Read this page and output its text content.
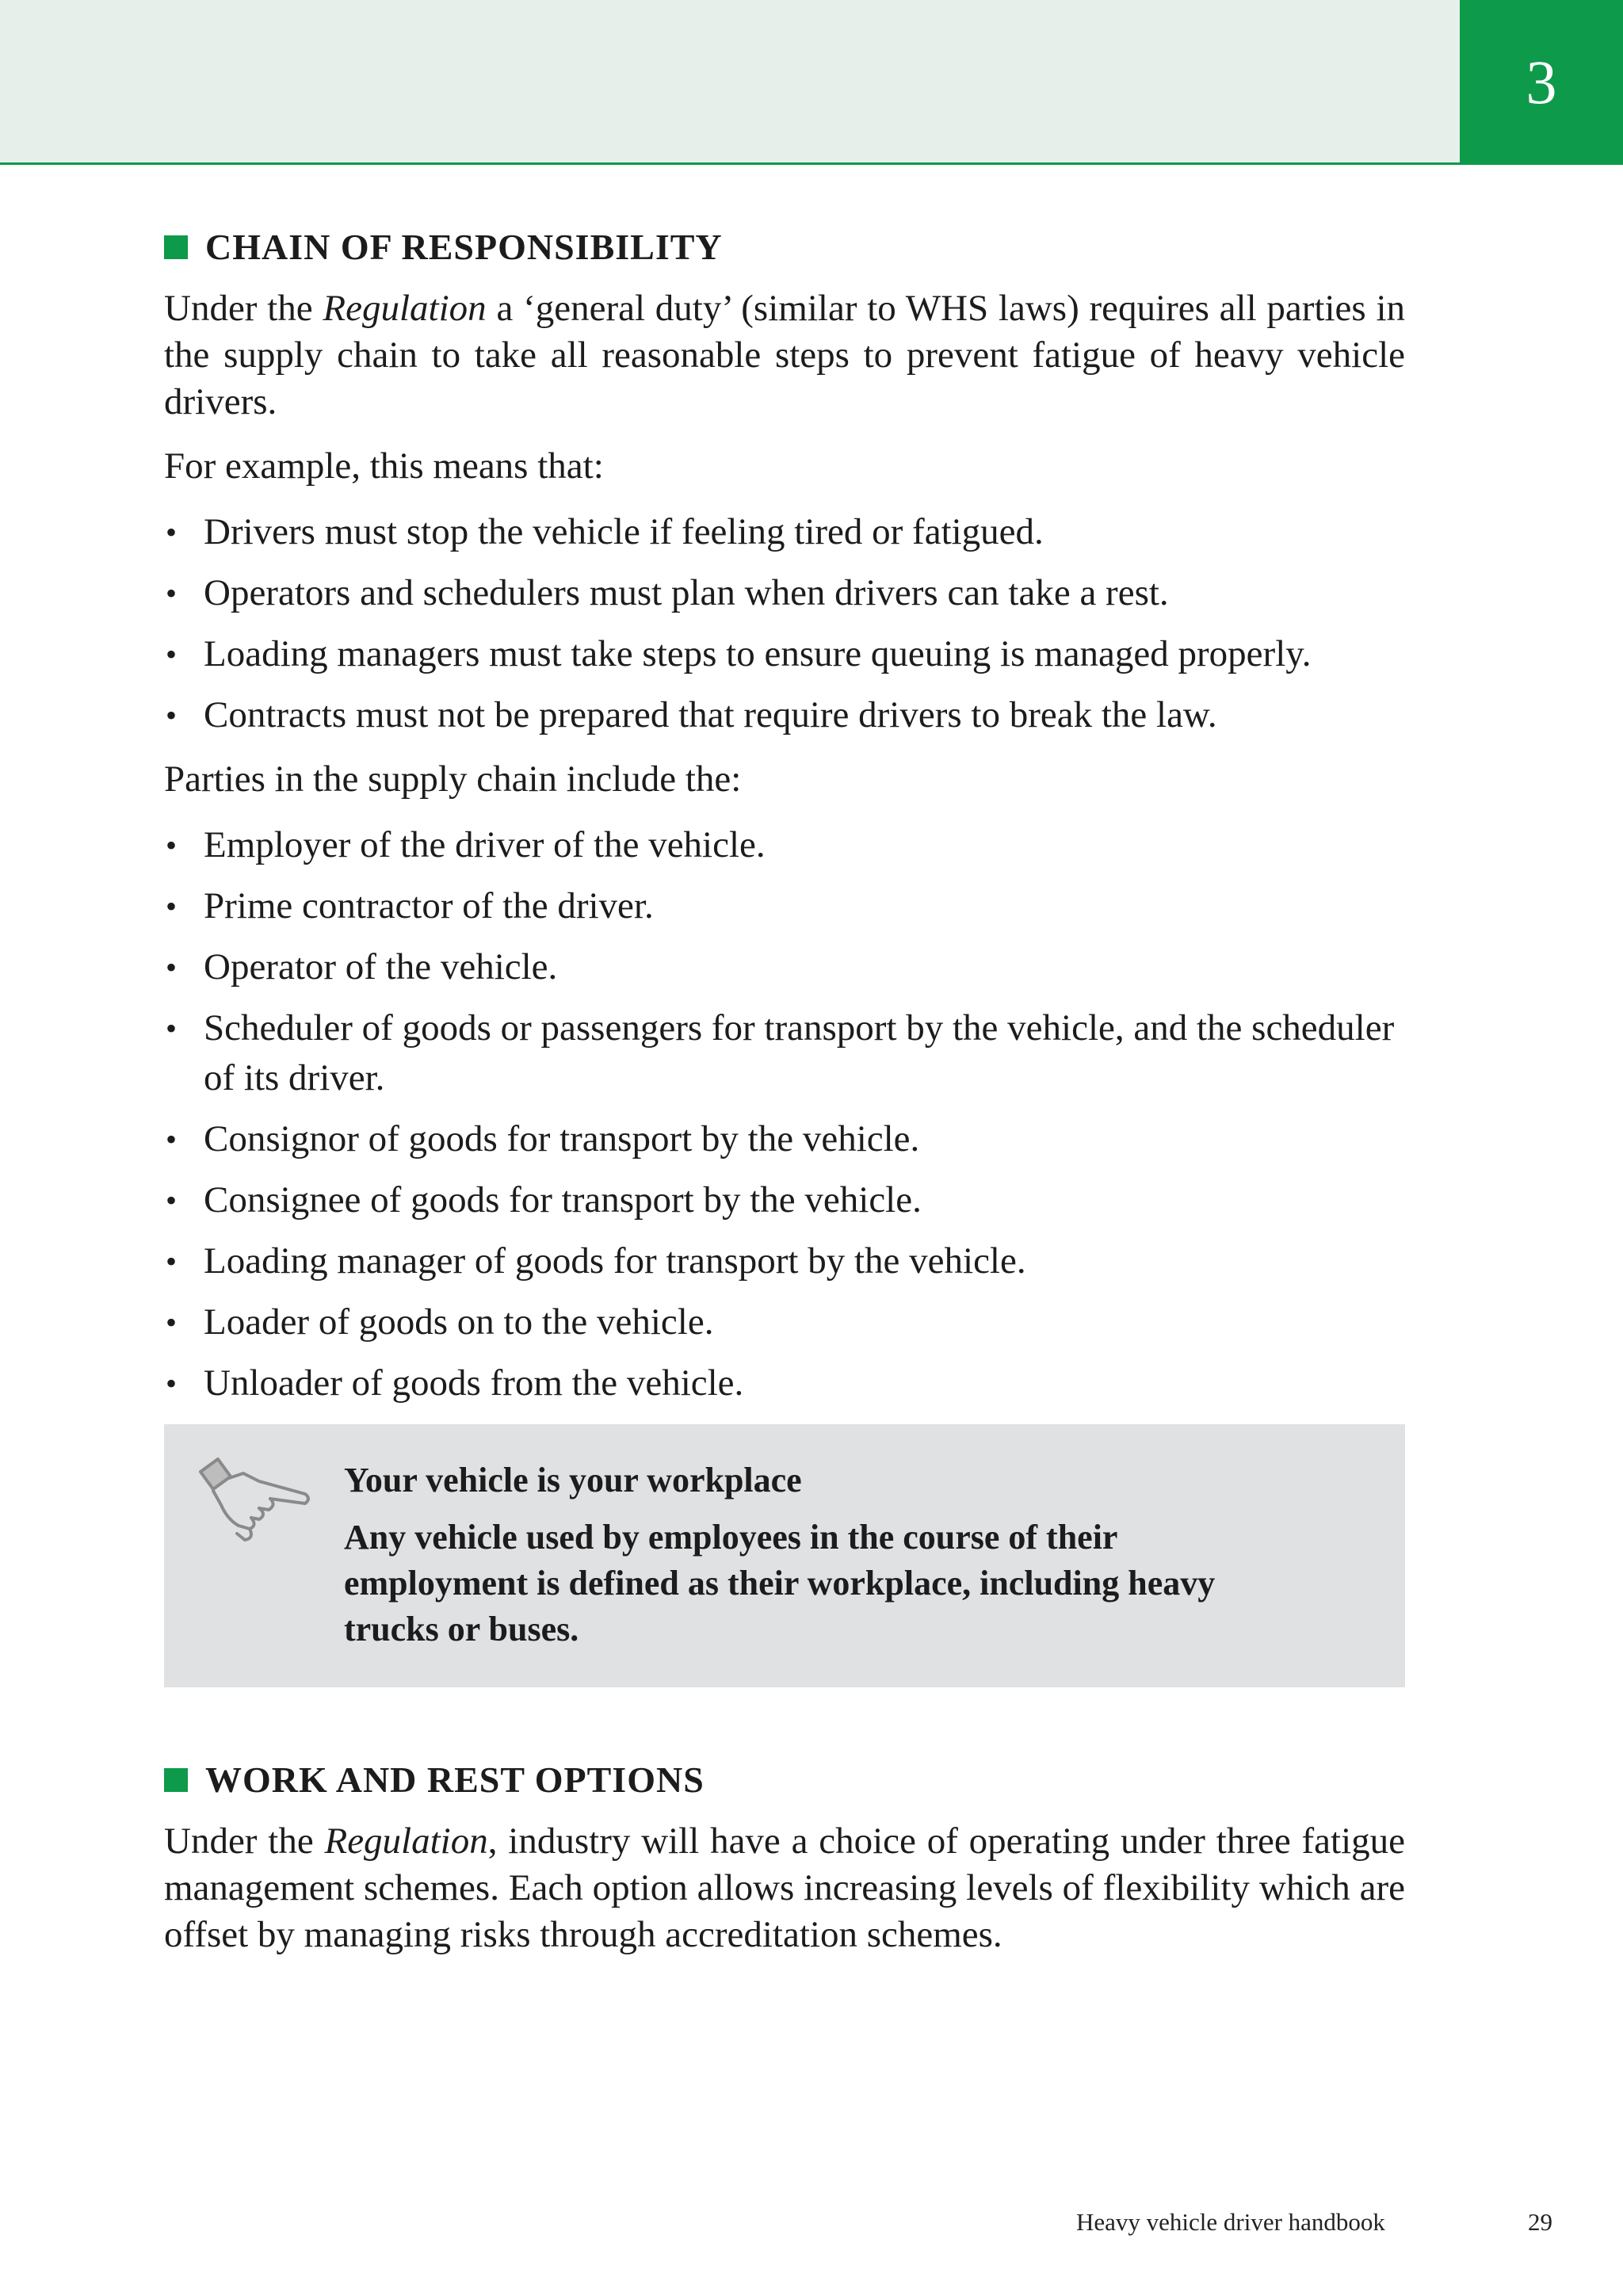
3
CHAIN OF RESPONSIBILITY

Under the Regulation a ‘general duty’ (similar to WHS laws) requires all parties in the supply chain to take all reasonable steps to prevent fatigue of heavy vehicle drivers.

For example, this means that:

• Drivers must stop the vehicle if feeling tired or fatigued.
• Operators and schedulers must plan when drivers can take a rest.
• Loading managers must take steps to ensure queuing is managed properly.
• Contracts must not be prepared that require drivers to break the law.

Parties in the supply chain include the:

• Employer of the driver of the vehicle.
• Prime contractor of the driver.
• Operator of the vehicle.
• Scheduler of goods or passengers for transport by the vehicle, and the scheduler of its driver.
• Consignor of goods for transport by the vehicle.
• Consignee of goods for transport by the vehicle.
• Loading manager of goods for transport by the vehicle.
• Loader of goods on to the vehicle.
• Unloader of goods from the vehicle.
Your vehicle is your workplace
Any vehicle used by employees in the course of their employment is defined as their workplace, including heavy trucks or buses.
WORK AND REST OPTIONS

Under the Regulation, industry will have a choice of operating under three fatigue management schemes. Each option allows increasing levels of flexibility which are offset by managing risks through accreditation schemes.

Heavy vehicle driver handbook	29
